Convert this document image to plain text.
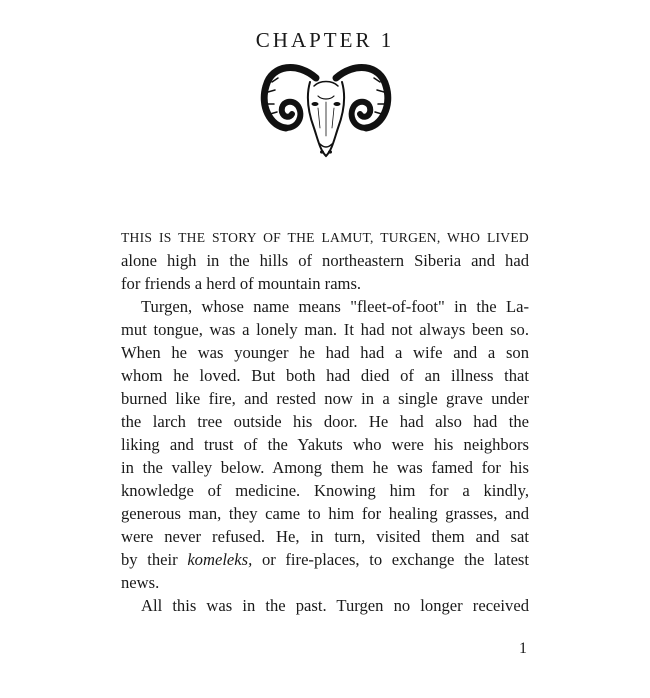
CHAPTER 1
THIS IS THE STORY OF THE LAMUT, TURGEN, WHO LIVED
alone high in the hills of northeastern Siberia and had
for friends a herd of mountain rams.
Turgen, whose name means "fleet-of-foot" in the La-
mut tongue, was a lonely man. It had not always been so.
When he was younger he had had a wife and a son
whom he loved. But both had died of an illness that
burned like fire, and rested now in a single grave under
the larch tree outside his door. He had also had the
liking and trust of the Yakuts who were his neighbors
in the valley below. Among them he was famed for his
knowledge of medicine. Knowing him for a kindly,
generous man, they came to him for healing grasses, and
were never refused. He, in turn, visited them and sat
by their komeleks, or fire-places, to exchange the latest
news.
All this was in the past. Turgen no longer received
1
